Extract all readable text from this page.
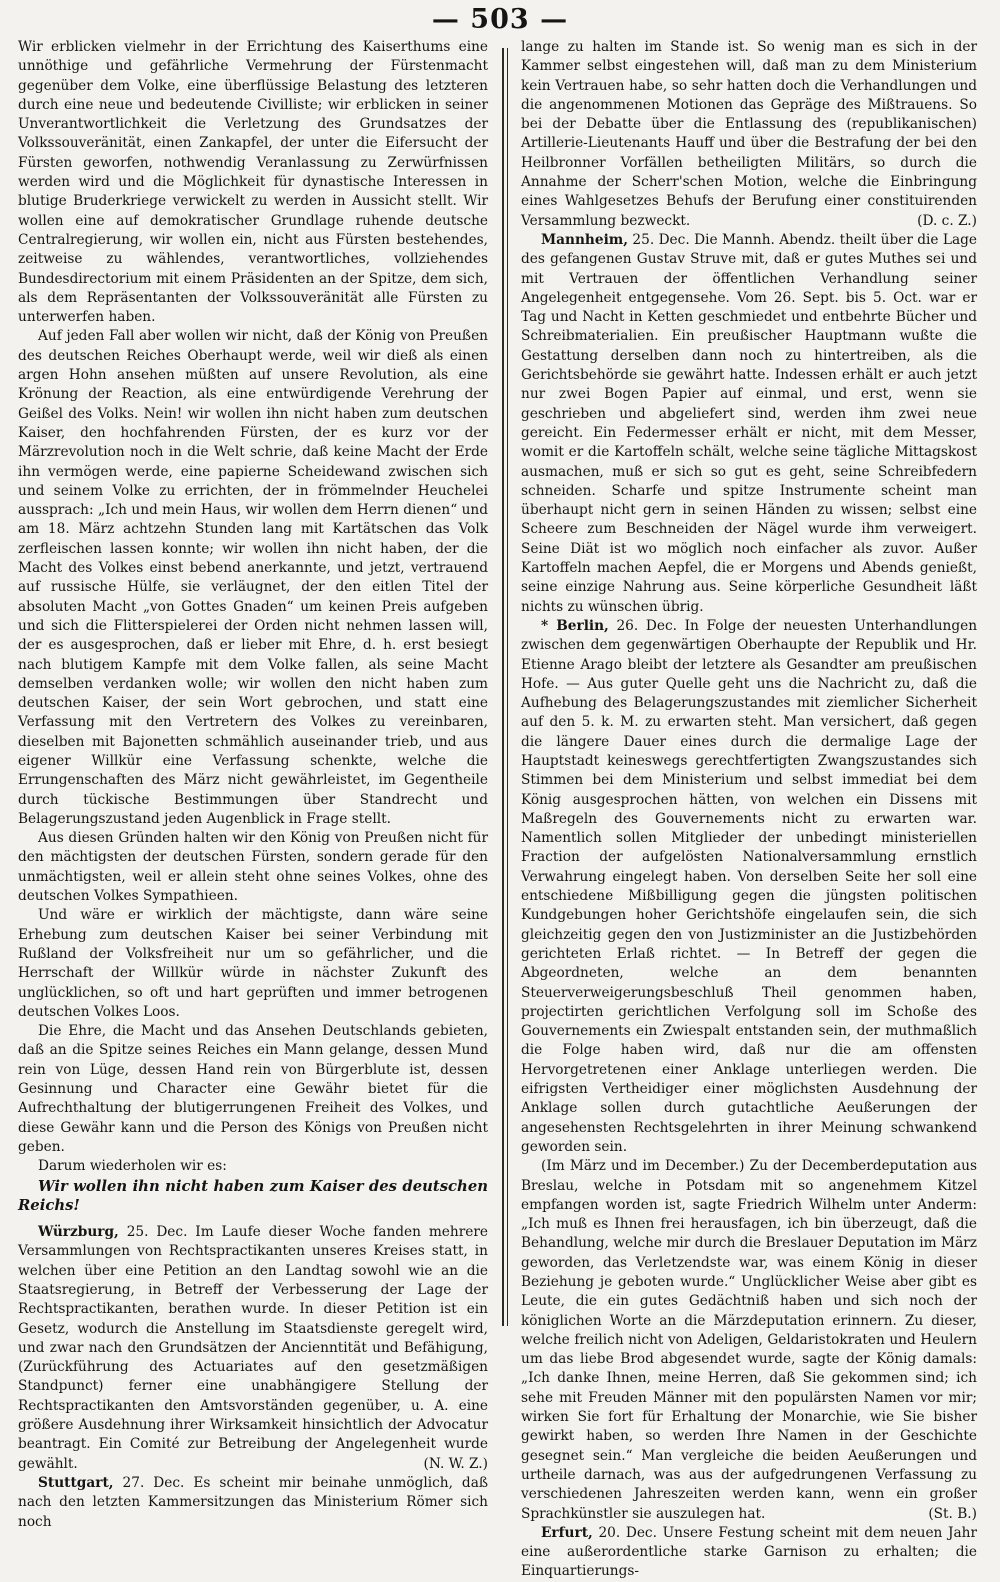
— 503 —

Wir erblicken vielmehr in der Errichtung des Kaiserthums eine unnöthige und gefährliche Vermehrung der Fürstenmacht gegenüber dem Volke, eine überflüssige Belastung des letzteren durch eine neue und bedeutende Civilliste; wir erblicken in seiner Unverantwortlichkeit die Verletzung des Grundsatzes der Volkssouveränität, einen Zankapfel, der unter die Eifersucht der Fürsten geworfen, nothwendig Veranlassung zu Zerwürfnissen werden wird und die Möglichkeit für dynastische Interessen in blutige Bruderkriege verwickelt zu werden in Aussicht stellt. Wir wollen eine auf demokratischer Grundlage ruhende deutsche Centralregierung, wir wollen ein, nicht aus Fürsten bestehendes, zeitweise zu wählendes, verantwortliches, vollziehendes Bundesdirectorium mit einem Präsidenten an der Spitze, dem sich, als dem Repräsentanten der Volkssouveränität alle Fürsten zu unterwerfen haben.

Auf jeden Fall aber wollen wir nicht, daß der König von Preußen des deutschen Reiches Oberhaupt werde, weil wir dieß als einen argen Hohn ansehen müßten auf unsere Revolution, als eine Krönung der Reaction, als eine entwürdigende Verehrung der Geißel des Volks. Nein! wir wollen ihn nicht haben zum deutschen Kaiser, den hochfahrenden Fürsten, der es kurz vor der Märzrevolution noch in die Welt schrie, daß keine Macht der Erde ihn vermögen werde, eine papierne Scheidewand zwischen sich und seinem Volke zu errichten, der in frömmelnder Heuchelei aussprach: „Ich und mein Haus, wir wollen dem Herrn dienen“ und am 18. März achtzehn Stunden lang mit Kartätschen das Volk zerfleischen lassen konnte; wir wollen ihn nicht haben, der die Macht des Volkes einst bebend anerkannte, und jetzt, vertrauend auf russische Hülfe, sie verläugnet, der den eitlen Titel der absoluten Macht „von Gottes Gnaden“ um keinen Preis aufgeben und sich die Flitterspielerei der Orden nicht nehmen lassen will, der es ausgesprochen, daß er lieber mit Ehre, d. h. erst besiegt nach blutigem Kampfe mit dem Volke fallen, als seine Macht demselben verdanken wolle; wir wollen den nicht haben zum deutschen Kaiser, der sein Wort gebrochen, und statt eine Verfassung mit den Vertretern des Volkes zu vereinbaren, dieselben mit Bajonetten schmählich auseinander trieb, und aus eigener Willkür eine Verfassung schenkte, welche die Errungenschaften des März nicht gewährleistet, im Gegentheile durch tückische Bestimmungen über Standrecht und Belagerungszustand jeden Augenblick in Frage stellt.

Aus diesen Gründen halten wir den König von Preußen nicht für den mächtigsten der deutschen Fürsten, sondern gerade für den unmächtigsten, weil er allein steht ohne seines Volkes, ohne des deutschen Volkes Sympathieen.

Und wäre er wirklich der mächtigste, dann wäre seine Erhebung zum deutschen Kaiser bei seiner Verbindung mit Rußland der Volksfreiheit nur um so gefährlicher, und die Herrschaft der Willkür würde in nächster Zukunft des unglücklichen, so oft und hart geprüften und immer betrogenen deutschen Volkes Loos.

Die Ehre, die Macht und das Ansehen Deutschlands gebieten, daß an die Spitze seines Reiches ein Mann gelange, dessen Mund rein von Lüge, dessen Hand rein von Bürgerblute ist, dessen Gesinnung und Character eine Gewähr bietet für die Aufrechthaltung der blutigerrungenen Freiheit des Volkes, und diese Gewähr kann und die Person des Königs von Preußen nicht geben.

Darum wiederholen wir es:

Wir wollen ihn nicht haben zum Kaiser des deutschen Reichs!

Würzburg, 25. Dec. Im Laufe dieser Woche fanden mehrere Versammlungen von Rechtspractikanten unseres Kreises statt, in welchen über eine Petition an den Landtag sowohl wie an die Staatsregierung, in Betreff der Verbesserung der Lage der Rechtspractikanten, berathen wurde. In dieser Petition ist ein Gesetz, wodurch die Anstellung im Staatsdienste geregelt wird, und zwar nach den Grundsätzen der Ancienntität und Befähigung, (Zurückführung des Actuariates auf den gesetzmäßigen Standpunct) ferner eine unabhängigere Stellung der Rechtspractikanten den Amtsvorständen gegenüber, u. A. eine größere Ausdehnung ihrer Wirksamkeit hinsichtlich der Advocatur beantragt. Ein Comité zur Betreibung der Angelegenheit wurde gewählt.	(N. W. Z.)

Stuttgart, 27. Dec. Es scheint mir beinahe unmöglich, daß nach den letzten Kammersitzungen das Ministerium Römer sich noch

lange zu halten im Stande ist. So wenig man es sich in der Kammer selbst eingestehen will, daß man zu dem Ministerium kein Vertrauen habe, so sehr hatten doch die Verhandlungen und die angenommenen Motionen das Gepräge des Mißtrauens. So bei der Debatte über die Entlassung des (republikanischen) Artillerie-Lieutenants Hauff und über die Bestrafung der bei den Heilbronner Vorfällen betheiligten Militärs, so durch die Annahme der Scherr'schen Motion, welche die Einbringung eines Wahlgesetzes Behufs der Berufung einer constituirenden Versammlung bezweckt.	(D. c. Z.)

Mannheim, 25. Dec. Die Mannh. Abendz. theilt über die Lage des gefangenen Gustav Struve mit, daß er gutes Muthes sei und mit Vertrauen der öffentlichen Verhandlung seiner Angelegenheit entgegensehe. Vom 26. Sept. bis 5. Oct. war er Tag und Nacht in Ketten geschmiedet und entbehrte Bücher und Schreibmaterialien. Ein preußischer Hauptmann wußte die Gestattung derselben dann noch zu hintertreiben, als die Gerichtsbehörde sie gewährt hatte. Indessen erhält er auch jetzt nur zwei Bogen Papier auf einmal, und erst, wenn sie geschrieben und abgeliefert sind, werden ihm zwei neue gereicht. Ein Federmesser erhält er nicht, mit dem Messer, womit er die Kartoffeln schält, welche seine tägliche Mittagskost ausmachen, muß er sich so gut es geht, seine Schreibfedern schneiden. Scharfe und spitze Instrumente scheint man überhaupt nicht gern in seinen Händen zu wissen; selbst eine Scheere zum Beschneiden der Nägel wurde ihm verweigert. Seine Diät ist wo möglich noch einfacher als zuvor. Außer Kartoffeln machen Aepfel, die er Morgens und Abends genießt, seine einzige Nahrung aus. Seine körperliche Gesundheit läßt nichts zu wünschen übrig.

* Berlin, 26. Dec. In Folge der neuesten Unterhandlungen zwischen dem gegenwärtigen Oberhaupte der Republik und Hr. Etienne Arago bleibt der letztere als Gesandter am preußischen Hofe. — Aus guter Quelle geht uns die Nachricht zu, daß die Aufhebung des Belagerungszustandes mit ziemlicher Sicherheit auf den 5. k. M. zu erwarten steht. Man versichert, daß gegen die längere Dauer eines durch die dermalige Lage der Hauptstadt keineswegs gerechtfertigten Zwangszustandes sich Stimmen bei dem Ministerium und selbst immediat bei dem König ausgesprochen hätten, von welchen ein Dissens mit Maßregeln des Gouvernements nicht zu erwarten war. Namentlich sollen Mitglieder der unbedingt ministeriellen Fraction der aufgelösten Nationalversammlung ernstlich Verwahrung eingelegt haben. Von derselben Seite her soll eine entschiedene Mißbilligung gegen die jüngsten politischen Kundgebungen hoher Gerichtshöfe eingelaufen sein, die sich gleichzeitig gegen den von Justizminister an die Justizbehörden gerichteten Erlaß richtet. — In Betreff der gegen die Abgeordneten, welche an dem benannten Steuerverweigerungsbeschluß Theil genommen haben, projectirten gerichtlichen Verfolgung soll im Schoße des Gouvernements ein Zwiespalt entstanden sein, der muthmaßlich die Folge haben wird, daß nur die am offensten Hervorgetretenen einer Anklage unterliegen werden. Die eifrigsten Vertheidiger einer möglichsten Ausdehnung der Anklage sollen durch gutachtliche Aeußerungen der angesehensten Rechtsgelehrten in ihrer Meinung schwankend geworden sein.

(Im März und im December.) Zu der Decemberdeputation aus Breslau, welche in Potsdam mit so angenehmem Kitzel empfangen worden ist, sagte Friedrich Wilhelm unter Anderm: „Ich muß es Ihnen frei herausfagen, ich bin überzeugt, daß die Behandlung, welche mir durch die Breslauer Deputation im März geworden, das Verletzendste war, was einem König in dieser Beziehung je geboten wurde.“ Unglücklicher Weise aber gibt es Leute, die ein gutes Gedächtniß haben und sich noch der königlichen Worte an die Märzdeputation erinnern. Zu dieser, welche freilich nicht von Adeligen, Geldaristokraten und Heulern um das liebe Brod abgesendet wurde, sagte der König damals: „Ich danke Ihnen, meine Herren, daß Sie gekommen sind; ich sehe mit Freuden Männer mit den populärsten Namen vor mir; wirken Sie fort für Erhaltung der Monarchie, wie Sie bisher gewirkt haben, so werden Ihre Namen in der Geschichte gesegnet sein.“ Man vergleiche die beiden Aeußerungen und urtheile darnach, was aus der aufgedrungenen Verfassung zu verschiedenen Jahreszeiten werden kann, wenn ein großer Sprachkünstler sie auszulegen hat.	(St. B.)

Erfurt, 20. Dec. Unsere Festung scheint mit dem neuen Jahr eine außerordentliche starke Garnison zu erhalten; die Einquartierungs-
